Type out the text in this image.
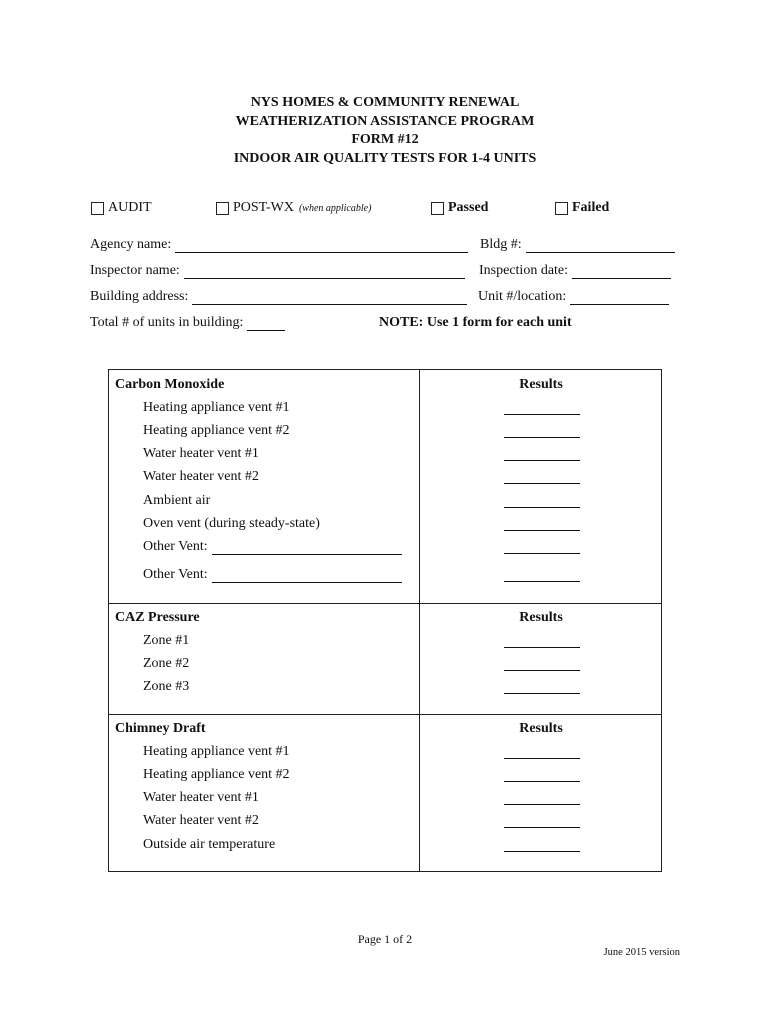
NYS HOMES & COMMUNITY RENEWAL
WEATHERIZATION ASSISTANCE PROGRAM
FORM #12
INDOOR AIR QUALITY TESTS FOR 1-4 UNITS
AUDIT	POST-WX (when applicable)	Passed	Failed
Agency name:	Bldg #:
Inspector name:	Inspection date:
Building address:	Unit #/location:
Total # of units in building:	NOTE: Use 1 form for each unit
Carbon Monoxide	Results
Heating appliance vent #1
Heating appliance vent #2
Water heater vent #1
Water heater vent #2
Ambient air
Oven vent (during steady-state)
Other Vent:
Other Vent:
CAZ Pressure	Results
Zone #1
Zone #2
Zone #3
Chimney Draft	Results
Heating appliance vent #1
Heating appliance vent #2
Water heater vent #1
Water heater vent #2
Outside air temperature
Page 1 of 2
June 2015 version
